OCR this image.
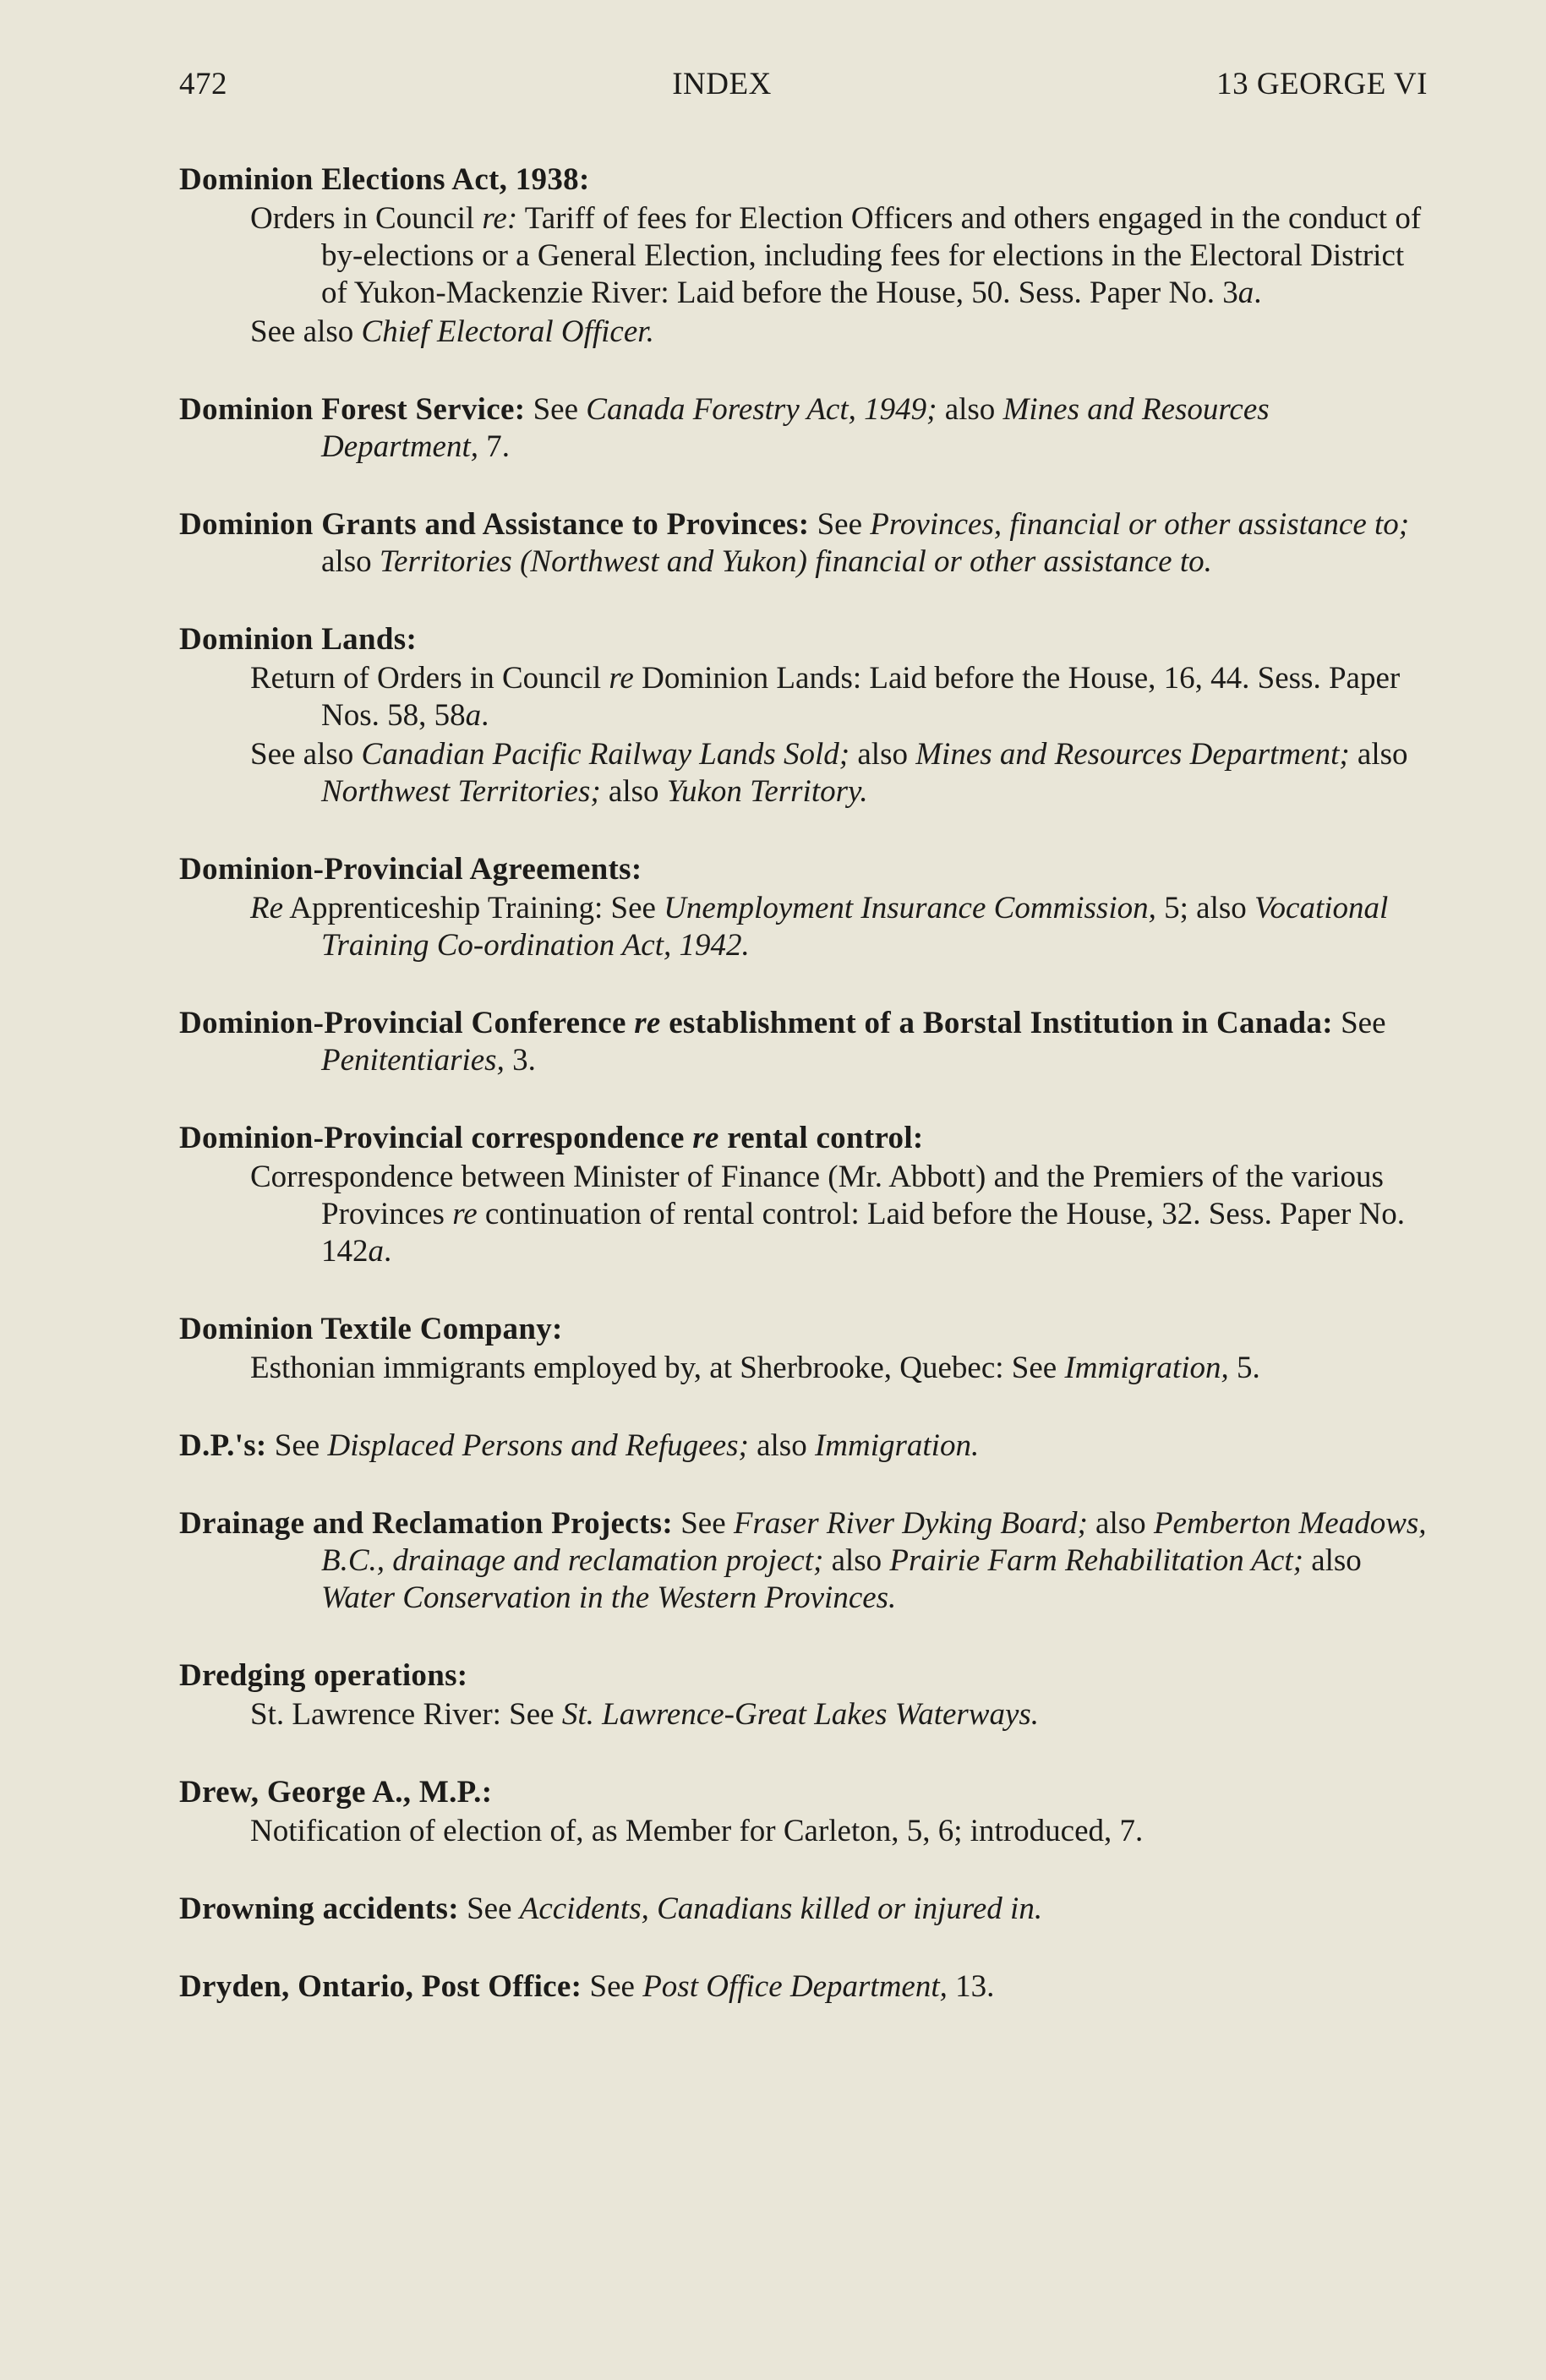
472	INDEX	13 GEORGE VI
Dominion Elections Act, 1938:
Orders in Council re: Tariff of fees for Election Officers and others engaged in the conduct of by-elections or a General Election, including fees for elections in the Electoral District of Yukon-Mackenzie River: Laid before the House, 50. Sess. Paper No. 3a.
See also Chief Electoral Officer.
Dominion Forest Service: See Canada Forestry Act, 1949; also Mines and Resources Department, 7.
Dominion Grants and Assistance to Provinces: See Provinces, financial or other assistance to; also Territories (Northwest and Yukon) financial or other assistance to.
Dominion Lands:
Return of Orders in Council re Dominion Lands: Laid before the House, 16, 44. Sess. Paper Nos. 58, 58a.
See also Canadian Pacific Railway Lands Sold; also Mines and Resources Department; also Northwest Territories; also Yukon Territory.
Dominion-Provincial Agreements:
Re Apprenticeship Training: See Unemployment Insurance Commission, 5; also Vocational Training Co-ordination Act, 1942.
Dominion-Provincial Conference re establishment of a Borstal Institution in Canada: See Penitentiaries, 3.
Dominion-Provincial correspondence re rental control:
Correspondence between Minister of Finance (Mr. Abbott) and the Premiers of the various Provinces re continuation of rental control: Laid before the House, 32. Sess. Paper No. 142a.
Dominion Textile Company:
Esthonian immigrants employed by, at Sherbrooke, Quebec: See Immigration, 5.
D.P.'s: See Displaced Persons and Refugees; also Immigration.
Drainage and Reclamation Projects: See Fraser River Dyking Board; also Pemberton Meadows, B.C., drainage and reclamation project; also Prairie Farm Rehabilitation Act; also Water Conservation in the Western Provinces.
Dredging operations:
St. Lawrence River: See St. Lawrence-Great Lakes Waterways.
Drew, George A., M.P.:
Notification of election of, as Member for Carleton, 5, 6; introduced, 7.
Drowning accidents: See Accidents, Canadians killed or injured in.
Dryden, Ontario, Post Office: See Post Office Department, 13.
